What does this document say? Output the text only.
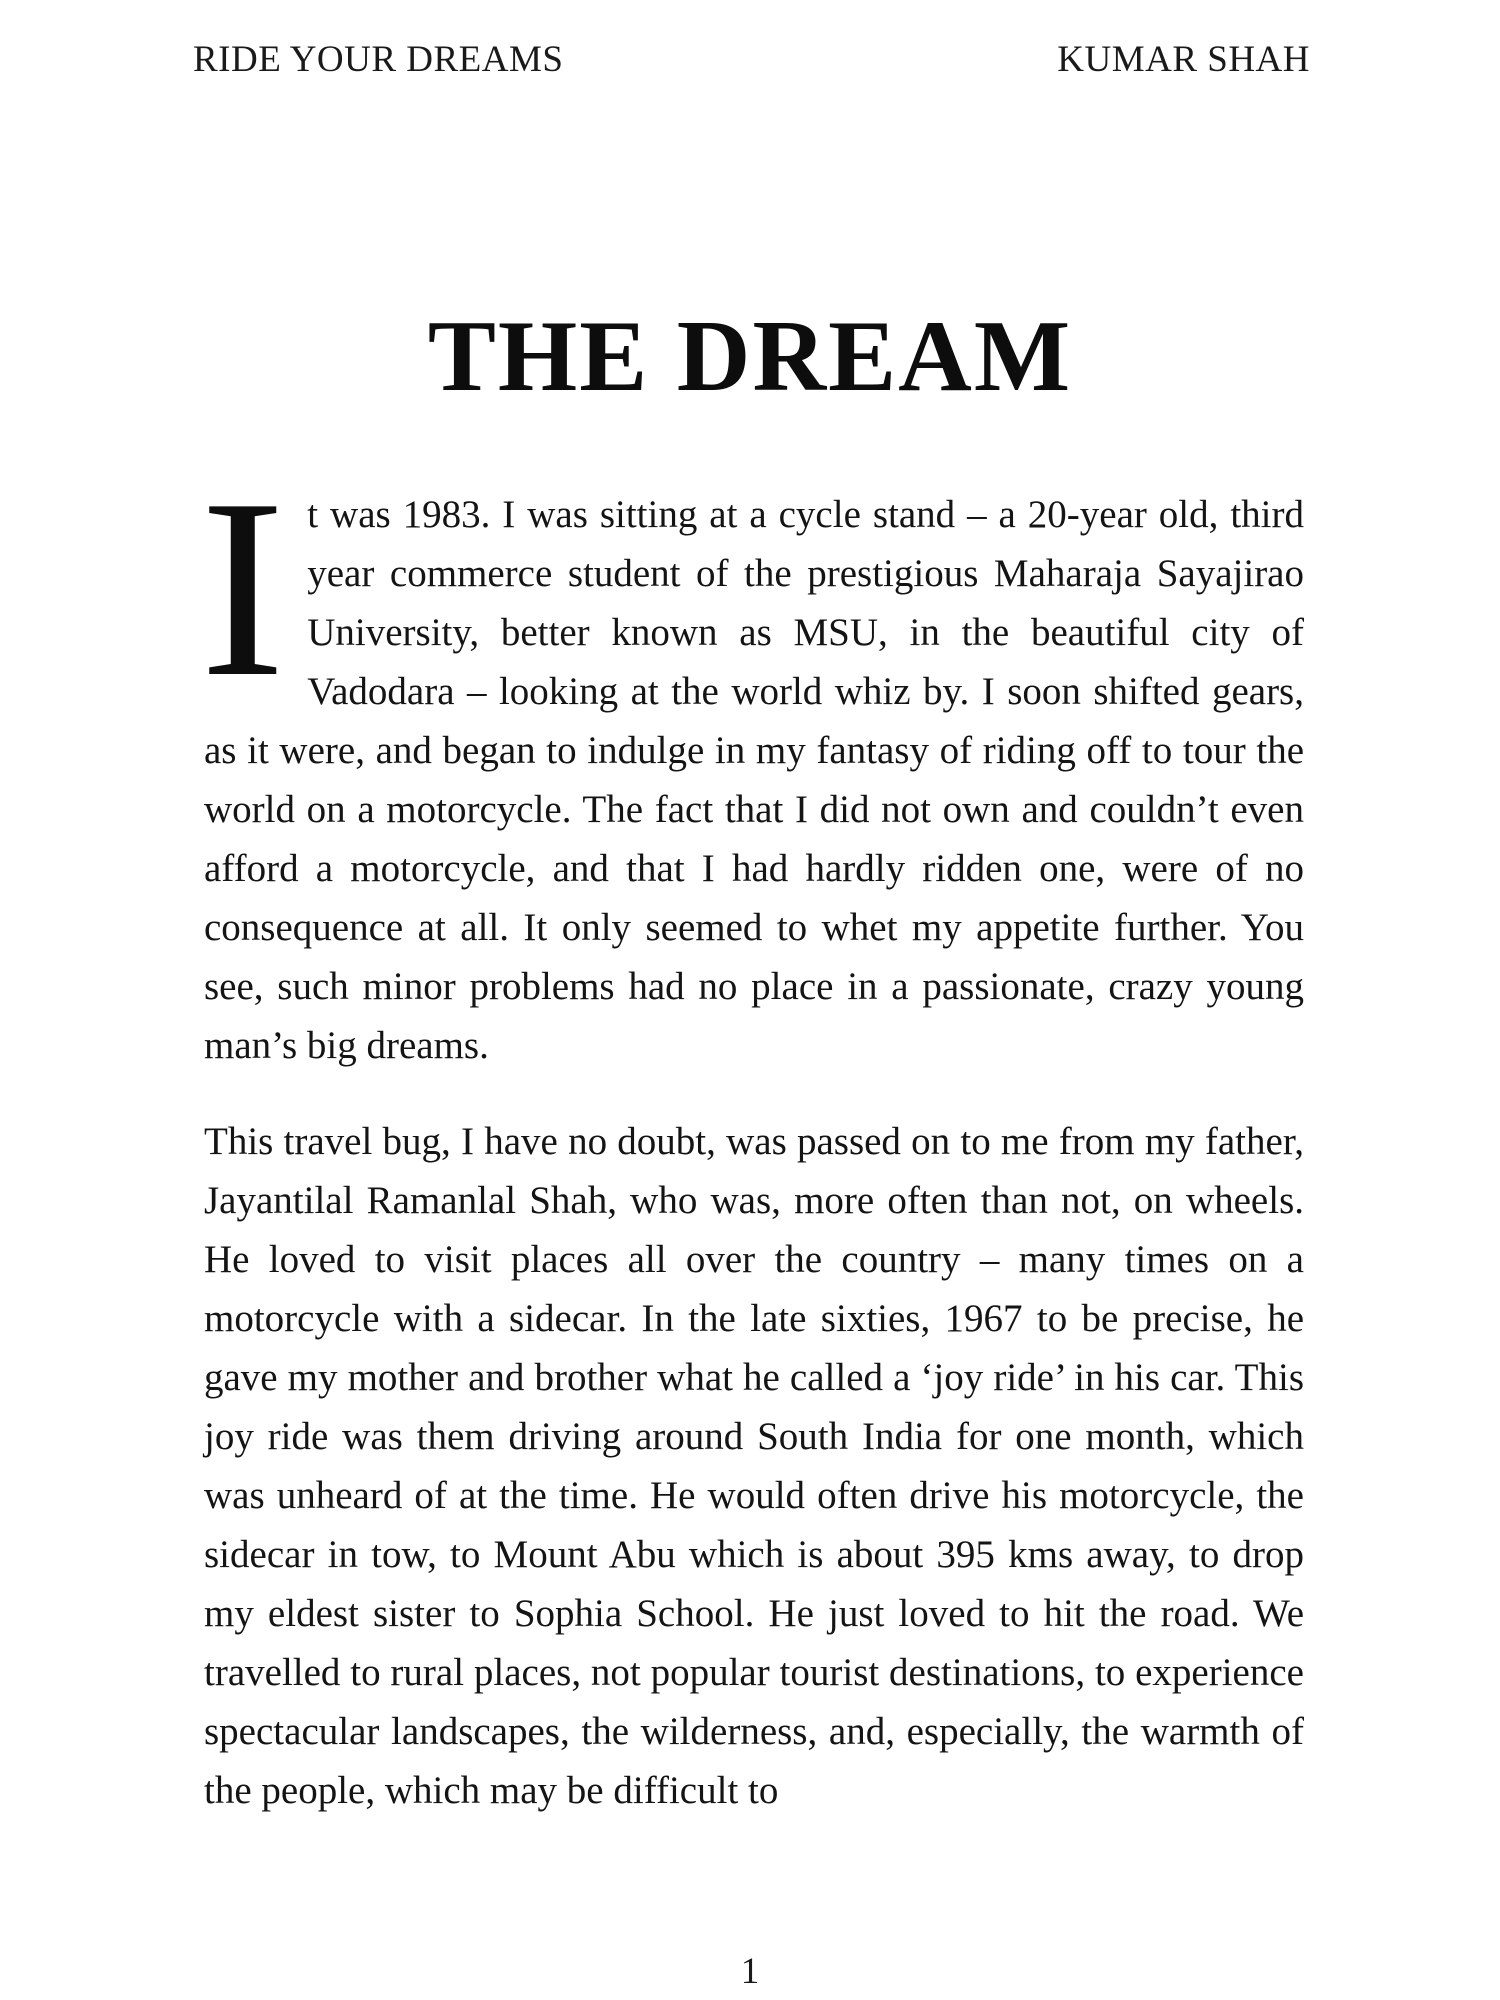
RIDE YOUR DREAMS	KUMAR SHAH
THE DREAM

It was 1983. I was sitting at a cycle stand – a 20-year old, third year commerce student of the prestigious Maharaja Sayajirao University, better known as MSU, in the beautiful city of Vadodara – looking at the world whiz by. I soon shifted gears, as it were, and began to indulge in my fantasy of riding off to tour the world on a motorcycle. The fact that I did not own and couldn’t even afford a motorcycle, and that I had hardly ridden one, were of no consequence at all. It only seemed to whet my appetite further. You see, such minor problems had no place in a passionate, crazy young man’s big dreams.

This travel bug, I have no doubt, was passed on to me from my father, Jayantilal Ramanlal Shah, who was, more often than not, on wheels. He loved to visit places all over the country – many times on a motorcycle with a sidecar. In the late sixties, 1967 to be precise, he gave my mother and brother what he called a ‘joy ride’ in his car. This joy ride was them driving around South India for one month, which was unheard of at the time. He would often drive his motorcycle, the sidecar in tow, to Mount Abu which is about 395 kms away, to drop my eldest sister to Sophia School. He just loved to hit the road. We travelled to rural places, not popular tourist destinations, to experience spectacular landscapes, the wilderness, and, especially, the warmth of the people, which may be difficult to

1
